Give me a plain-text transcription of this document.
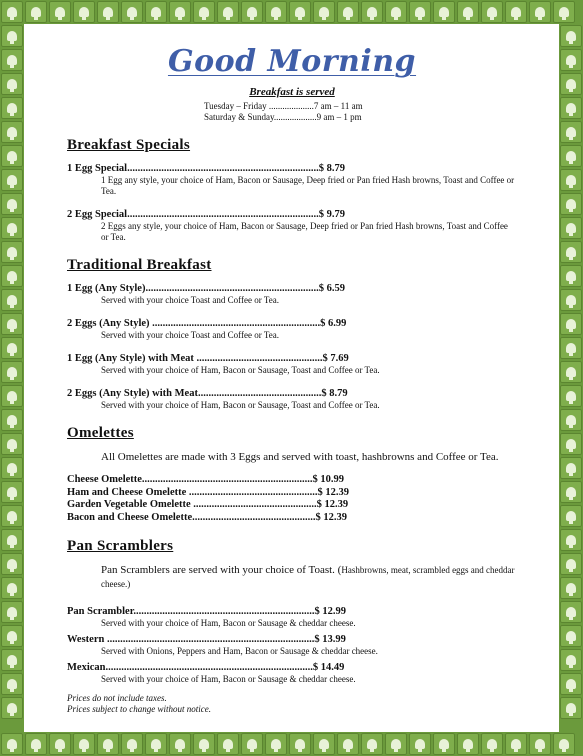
Good Morning
Breakfast is served
Tuesday – Friday ....................7 am – 11 am
Saturday & Sunday...................9 am – 1 pm
Breakfast Specials
1 Egg Special.........................................................................$ 8.79
1 Egg any style, your choice of Ham, Bacon or Sausage, Deep fried or Pan fried Hash browns, Toast and Coffee or Tea.
2 Egg Special.........................................................................$ 9.79
2 Eggs any style, your choice of Ham, Bacon or Sausage, Deep fried or Pan fried Hash browns, Toast and Coffee or Tea.
Traditional Breakfast
1 Egg (Any Style)..................................................................$ 6.59
Served with your choice Toast and Coffee or Tea.
2 Eggs (Any Style) ................................................................$ 6.99
Served with your choice Toast and Coffee or Tea.
1 Egg (Any Style) with Meat ................................................$ 7.69
Served with your choice of Ham, Bacon or Sausage, Toast and Coffee or Tea.
2 Eggs (Any Style) with Meat...............................................$ 8.79
Served with your choice of Ham, Bacon or Sausage, Toast and Coffee or Tea.
Omelettes
All Omelettes are made with 3 Eggs and served with toast, hashbrowns and Coffee or Tea.
Cheese Omelette.................................................................$ 10.99
Ham and Cheese Omelette .................................................$ 12.39
Garden Vegetable Omelette ...............................................$ 12.39
Bacon and Cheese Omelette...............................................$ 12.39
Pan Scramblers
Pan Scramblers are served with your choice of Toast. (Hashbrowns, meat, scrambled eggs and cheddar cheese.)
Pan Scrambler.....................................................................$ 12.99
Served with your choice of Ham, Bacon or Sausage & cheddar cheese.
Western ...............................................................................$ 13.99
Served with Onions, Peppers and Ham, Bacon or Sausage & cheddar cheese.
Mexican...............................................................................$ 14.49
Served with your choice of Ham, Bacon or Sausage & cheddar cheese.
Prices do not include taxes.
Prices subject to change without notice.
